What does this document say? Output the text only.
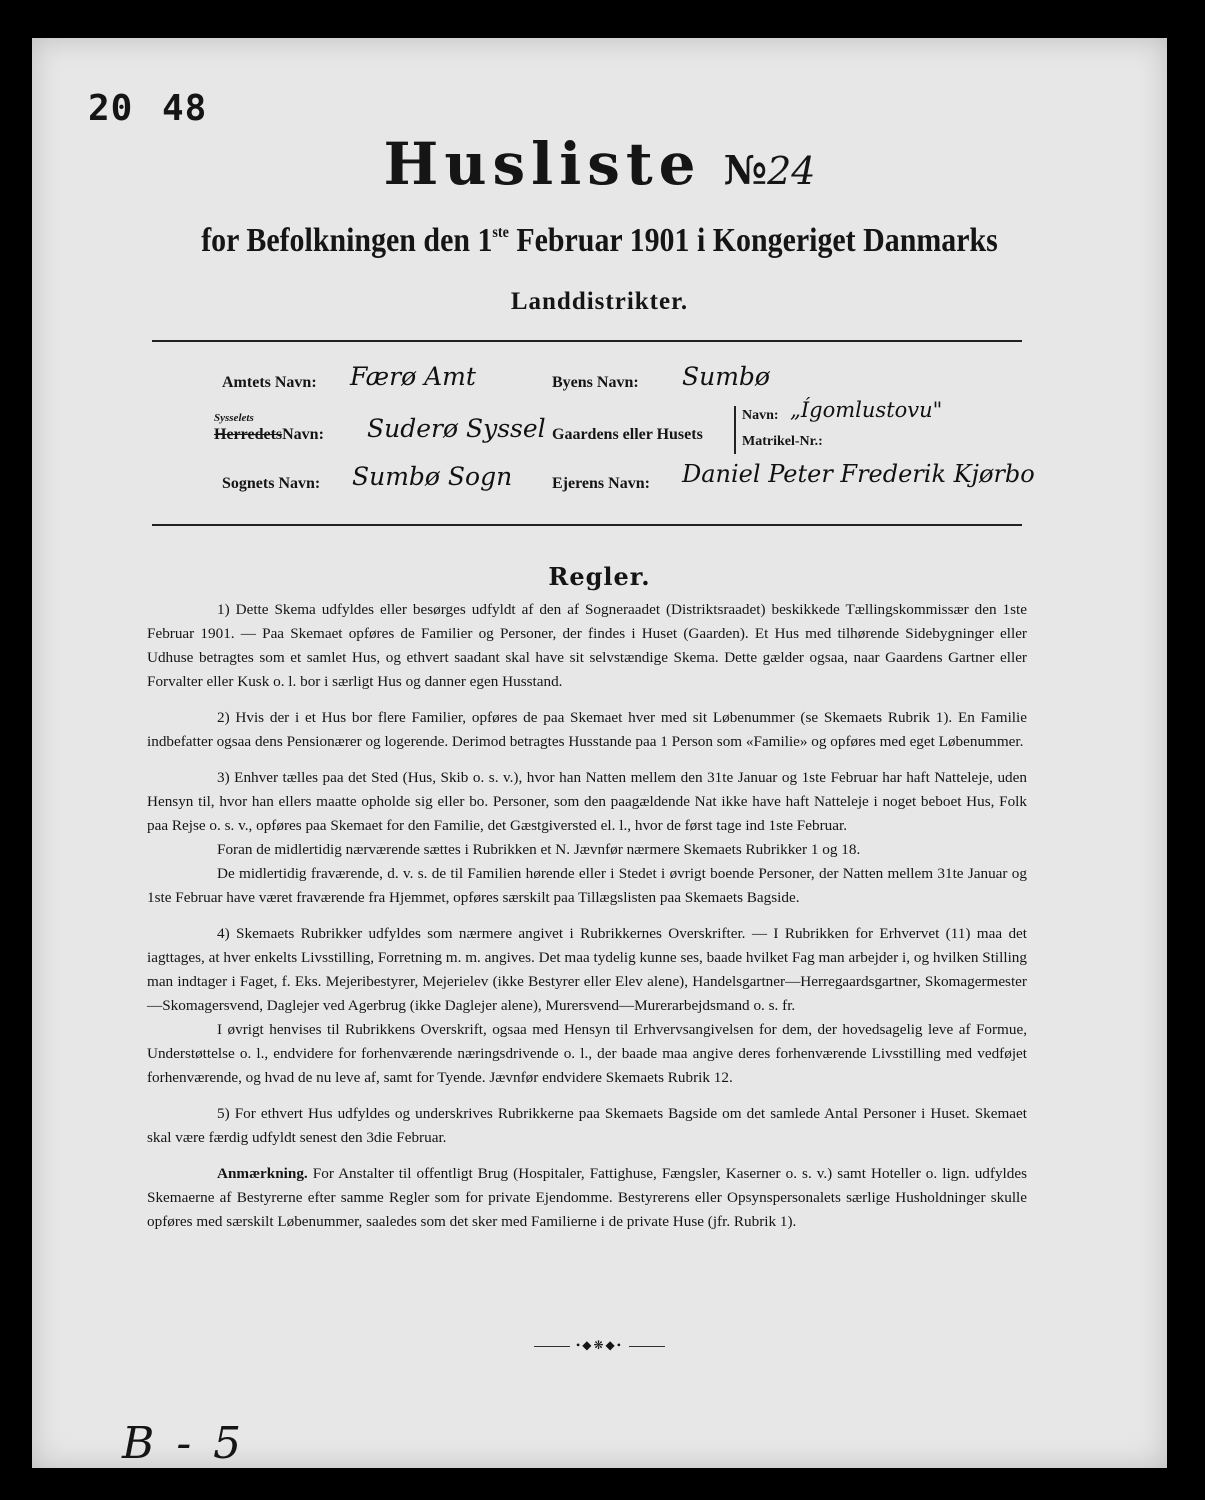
20 48
Husliste №24
for Befolkningen den 1ste Februar 1901 i Kongeriget Danmarks
Landdistrikter.
Amtets Navn: Færø Amt
Sysselets
HerredetsNavn: Suderø Syssel
Sognets Navn: Sumbø Sogn
Byens Navn: Sumbø
Gaardens eller Husets
Navn: „Ígomlustovu"
Matrikel-Nr.:
Ejerens Navn: Daniel Peter Frederik Kjørbo
Regler.

1) Dette Skema udfyldes eller besørges udfyldt af den af Sogneraadet (Distriktsraadet) beskikkede Tællingskommissær den 1ste Februar 1901. — Paa Skemaet opføres de Familier og Personer, der findes i Huset (Gaarden). Et Hus med tilhørende Sidebygninger eller Udhuse betragtes som et samlet Hus, og ethvert saadant skal have sit selvstændige Skema. Dette gælder ogsaa, naar Gaardens Gartner eller Forvalter eller Kusk o. l. bor i særligt Hus og danner egen Husstand.

2) Hvis der i et Hus bor flere Familier, opføres de paa Skemaet hver med sit Løbenummer (se Skemaets Rubrik 1). En Familie indbefatter ogsaa dens Pensionærer og logerende. Derimod betragtes Husstande paa 1 Person som «Familie» og opføres med eget Løbenummer.

3) Enhver tælles paa det Sted (Hus, Skib o. s. v.), hvor han Natten mellem den 31te Januar og 1ste Februar har haft Natteleje, uden Hensyn til, hvor han ellers maatte opholde sig eller bo. Personer, som den paagældende Nat ikke have haft Natteleje i noget beboet Hus, Folk paa Rejse o. s. v., opføres paa Skemaet for den Familie, det Gæstgiversted el. l., hvor de først tage ind 1ste Februar.

Foran de midlertidig nærværende sættes i Rubrikken et N. Jævnfør nærmere Skemaets Rubrikker 1 og 18.

De midlertidig fraværende, d. v. s. de til Familien hørende eller i Stedet i øvrigt boende Personer, der Natten mellem 31te Januar og 1ste Februar have været fraværende fra Hjemmet, opføres særskilt paa Tillægslisten paa Skemaets Bagside.

4) Skemaets Rubrikker udfyldes som nærmere angivet i Rubrikkernes Overskrifter. — I Rubrikken for Erhvervet (11) maa det iagttages, at hver enkelts Livsstilling, Forretning m. m. angives. Det maa tydelig kunne ses, baade hvilket Fag man arbejder i, og hvilken Stilling man indtager i Faget, f. Eks. Mejeribestyrer, Mejerielev (ikke Bestyrer eller Elev alene), Handelsgartner—Herregaardsgartner, Skomagermester—Skomagersvend, Daglejer ved Agerbrug (ikke Daglejer alene), Murersvend—Murerarbejdsmand o. s. fr.

I øvrigt henvises til Rubrikkens Overskrift, ogsaa med Hensyn til Erhvervsangivelsen for dem, der hovedsagelig leve af Formue, Understøttelse o. l., endvidere for forhenværende næringsdrivende o. l., der baade maa angive deres forhenværende Livsstilling med vedføjet forhenværende, og hvad de nu leve af, samt for Tyende. Jævnfør endvidere Skemaets Rubrik 12.

5) For ethvert Hus udfyldes og underskrives Rubrikkerne paa Skemaets Bagside om det samlede Antal Personer i Huset. Skemaet skal være færdig udfyldt senest den 3die Februar.

Anmærkning. For Anstalter til offentligt Brug (Hospitaler, Fattighuse, Fængsler, Kaserner o. s. v.) samt Hoteller o. lign. udfyldes Skemaerne af Bestyrerne efter samme Regler som for private Ejendomme. Bestyrerens eller Opsynspersonalets særlige Husholdninger skulle opføres med særskilt Løbenummer, saaledes som det sker med Familierne i de private Huse (jfr. Rubrik 1).

•◆❋◆•
B - 5
